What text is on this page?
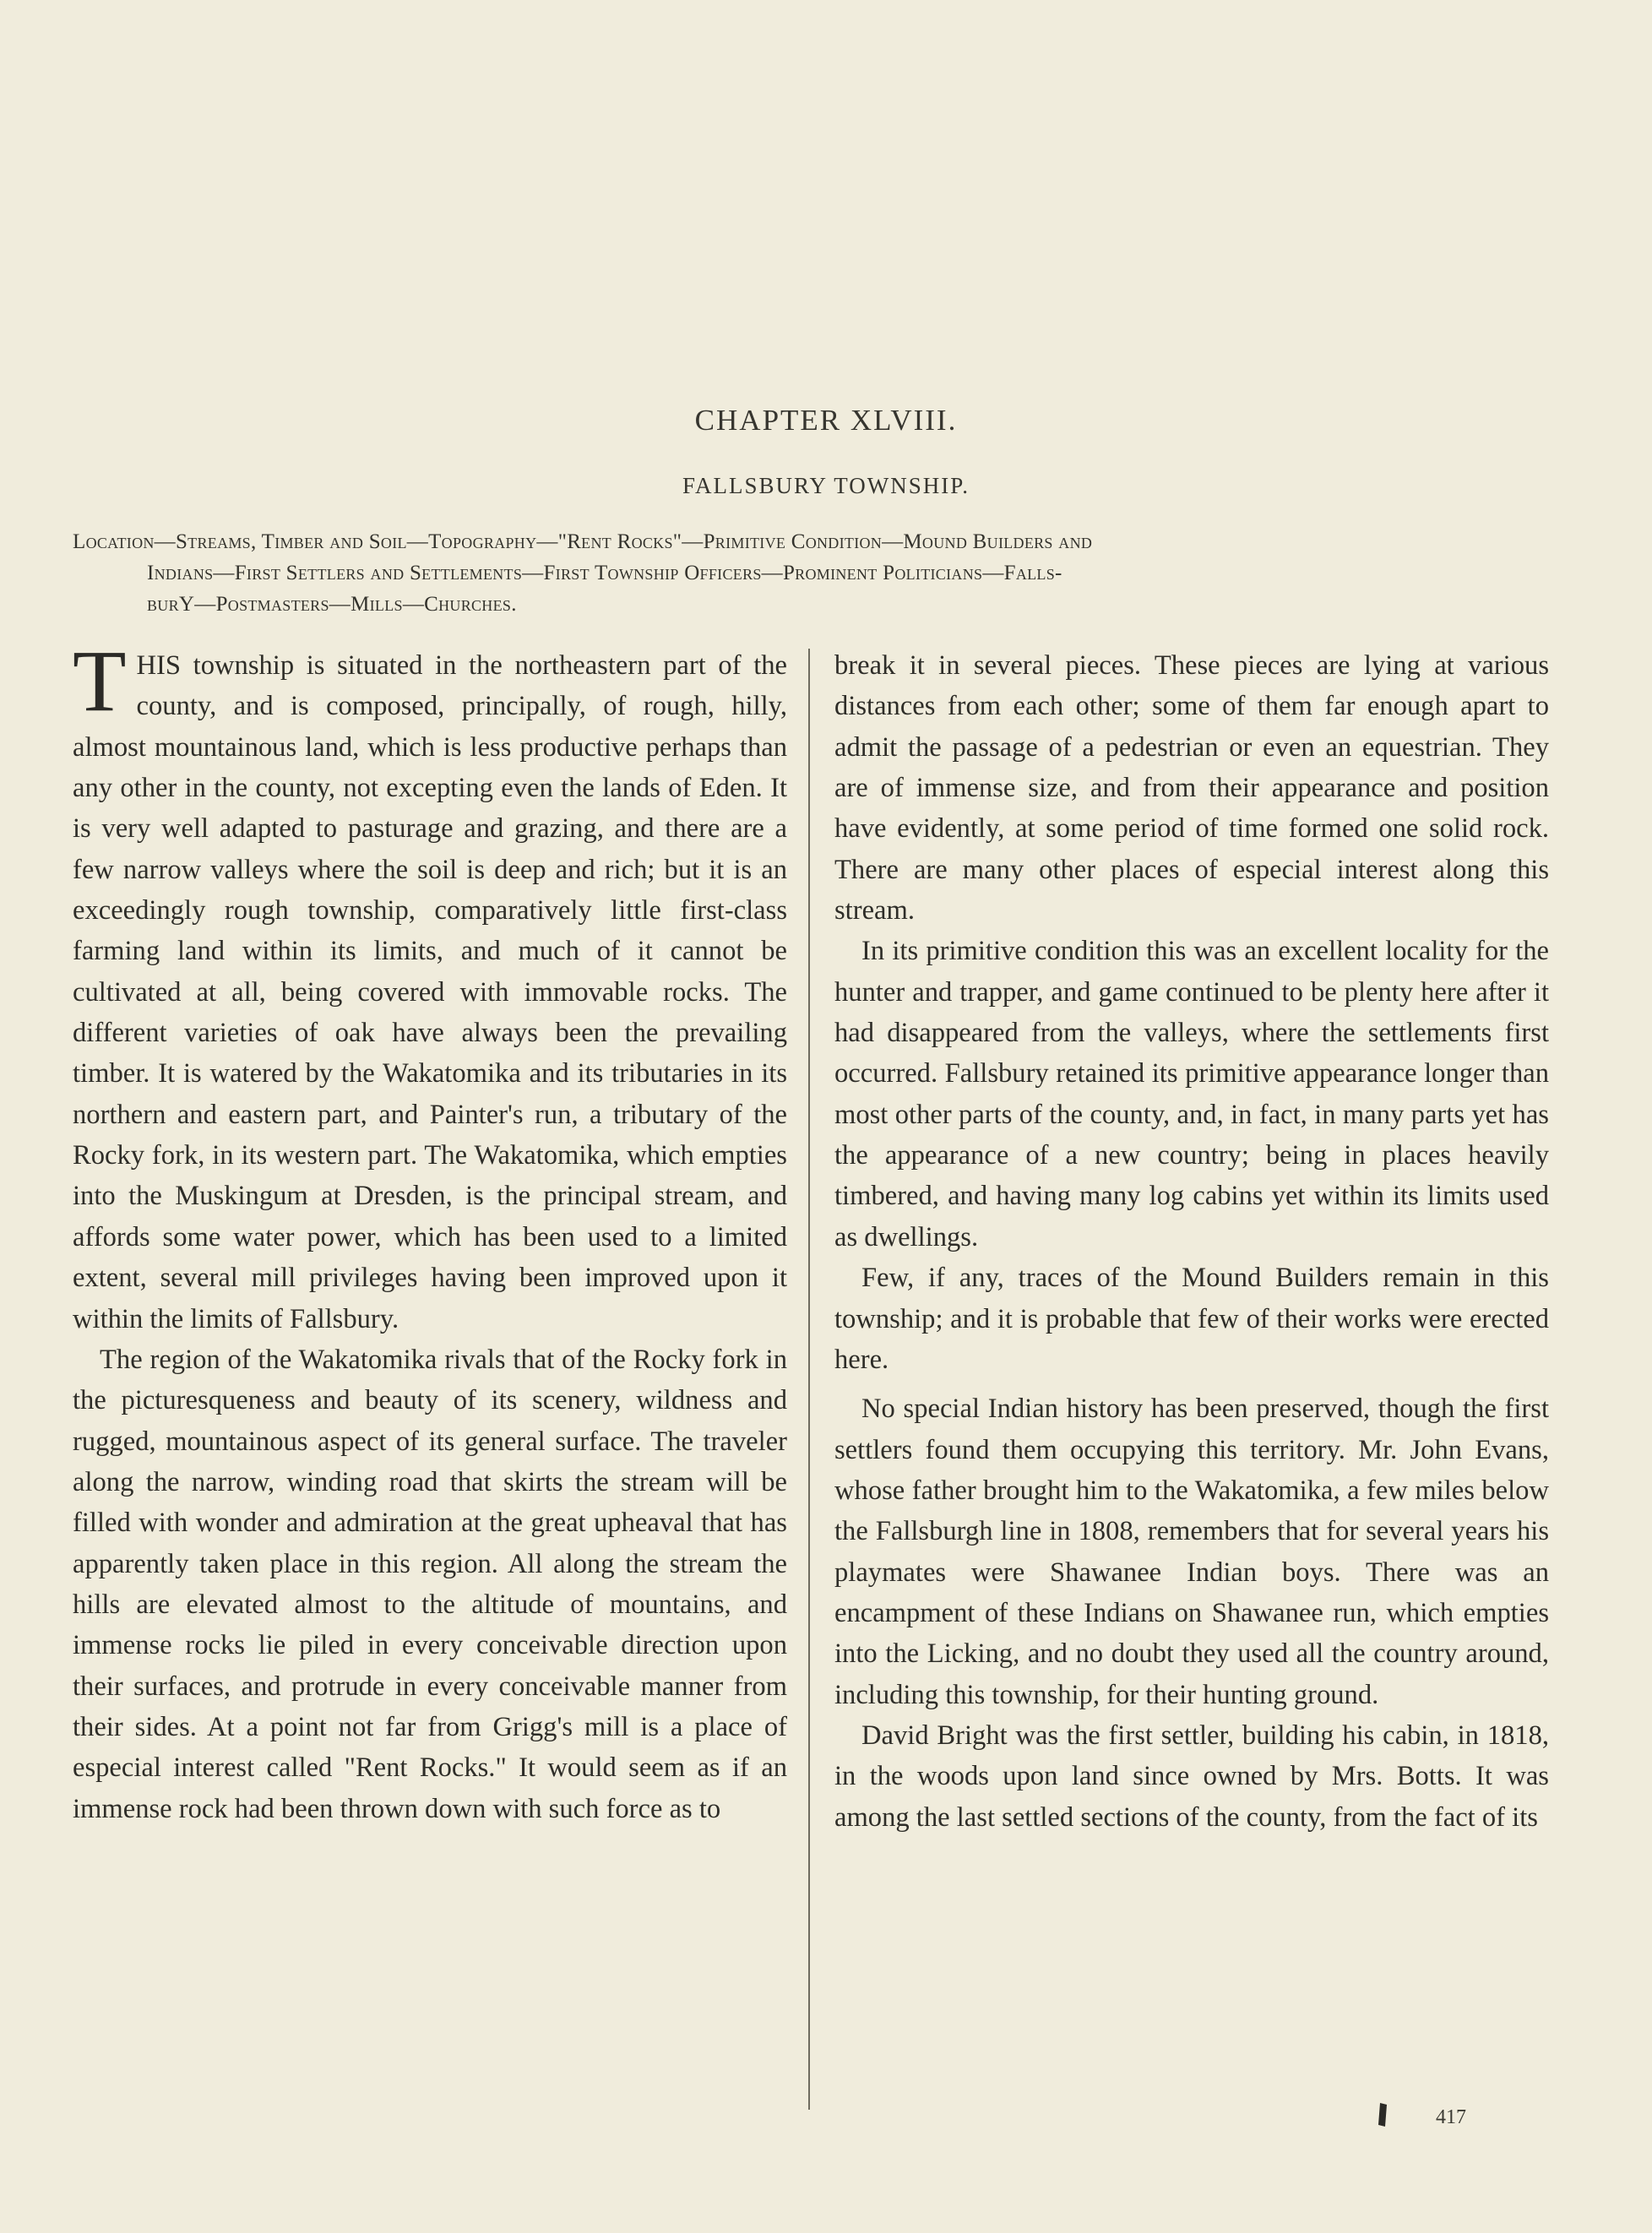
CHAPTER XLVIII.
FALLSBURY TOWNSHIP.
Location—Streams, Timber and Soil—Topography—"Rent Rocks"—Primitive Condition—Mound Builders and
Indians—First Settlers and Settlements—First Township Officers—Prominent Politicians—Falls-
burY—Postmasters—Mills—Churches.

THIS township is situated in the northeastern part of the county, and is composed, principally, of rough, hilly, almost mountainous land, which is less productive perhaps than any other in the county, not excepting even the lands of Eden. It is very well adapted to pasturage and grazing, and there are a few narrow valleys where the soil is deep and rich; but it is an exceedingly rough township, comparatively little first-class farming land within its limits, and much of it cannot be cultivated at all, being covered with immovable rocks. The different varieties of oak have always been the prevailing timber. It is watered by the Wakatomika and its tributaries in its northern and eastern part, and Painter's run, a tributary of the Rocky fork, in its western part. The Wakatomika, which empties into the Muskingum at Dresden, is the principal stream, and affords some water power, which has been used to a limited extent, several mill privileges having been improved upon it within the limits of Fallsbury.

The region of the Wakatomika rivals that of the Rocky fork in the picturesqueness and beauty of its scenery, wildness and rugged, mountainous aspect of its general surface. The traveler along the narrow, winding road that skirts the stream will be filled with wonder and admiration at the great upheaval that has apparently taken place in this region. All along the stream the hills are elevated almost to the altitude of mountains, and immense rocks lie piled in every conceivable direction upon their surfaces, and protrude in every conceivable manner from their sides. At a point not far from Grigg's mill is a place of especial interest called "Rent Rocks." It would seem as if an immense rock had been thrown down with such force as to

break it in several pieces. These pieces are lying at various distances from each other; some of them far enough apart to admit the passage of a pedestrian or even an equestrian. They are of immense size, and from their appearance and position have evidently, at some period of time formed one solid rock. There are many other places of especial interest along this stream.

In its primitive condition this was an excellent locality for the hunter and trapper, and game continued to be plenty here after it had disappeared from the valleys, where the settlements first occurred. Fallsbury retained its primitive appearance longer than most other parts of the county, and, in fact, in many parts yet has the appearance of a new country; being in places heavily timbered, and having many log cabins yet within its limits used as dwellings.

Few, if any, traces of the Mound Builders remain in this township; and it is probable that few of their works were erected here.

No special Indian history has been preserved, though the first settlers found them occupying this territory. Mr. John Evans, whose father brought him to the Wakatomika, a few miles below the Fallsburgh line in 1808, remembers that for several years his playmates were Shawanee Indian boys. There was an encampment of these Indians on Shawanee run, which empties into the Licking, and no doubt they used all the country around, including this township, for their hunting ground.

David Bright was the first settler, building his cabin, in 1818, in the woods upon land since owned by Mrs. Botts. It was among the last settled sections of the county, from the fact of its

417
